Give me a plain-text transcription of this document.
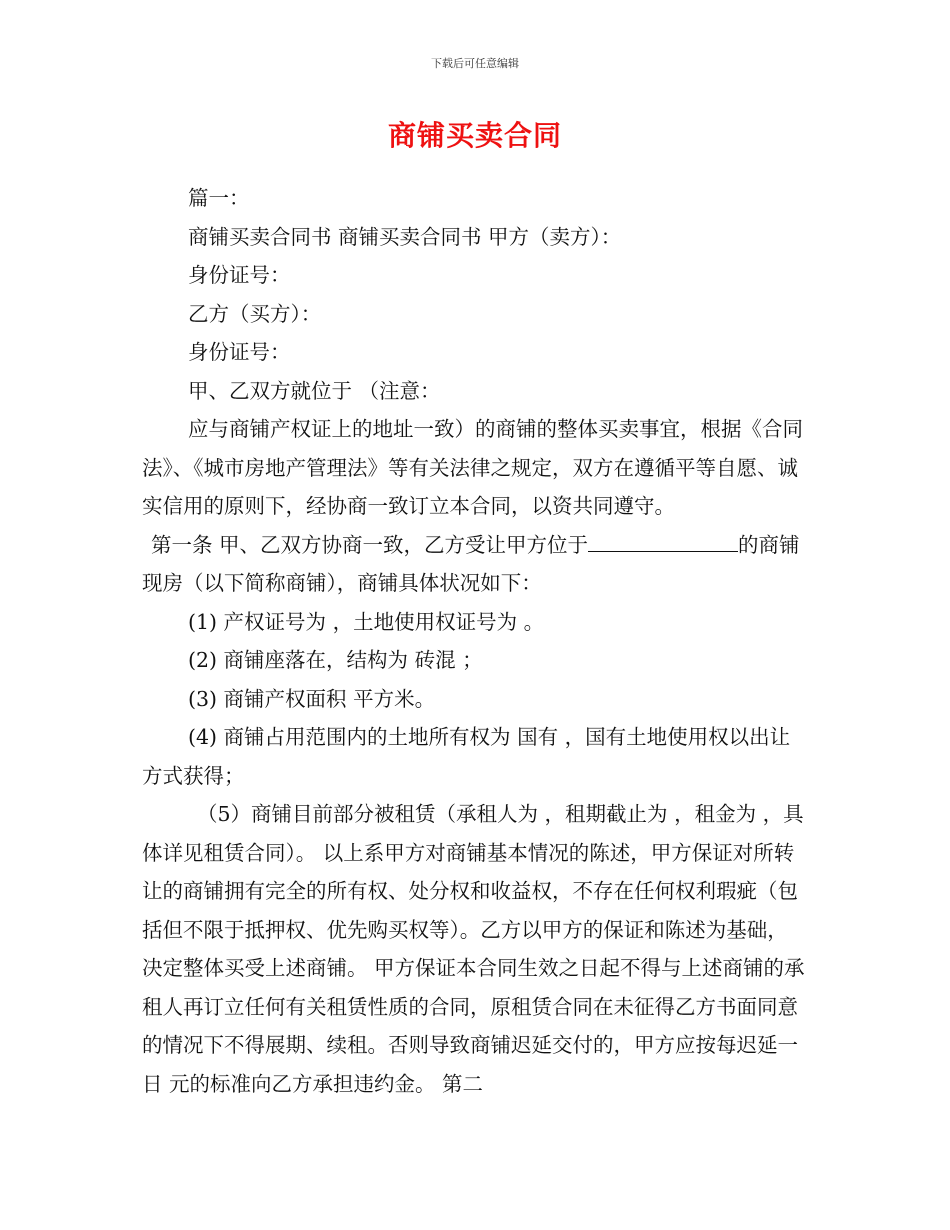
下载后可任意编辑
商铺买卖合同

篇一：

商铺买卖合同书 商铺买卖合同书 甲方（卖方）：

身份证号：

乙方（买方）：

身份证号：

甲、乙双方就位于 （注意：

应与商铺产权证上的地址一致）的商铺的整体买卖事宜，根据《合同法》、《城市房地产管理法》等有关法律之规定，双方在遵循平等自愿、诚实信用的原则下，经协商一致订立本合同，以资共同遵守。

第一条 甲、乙双方协商一致，乙方受让甲方位于	的商铺现房（以下简称商铺），商铺具体状况如下：

(1) 产权证号为 ，土地使用权证号为 。

(2) 商铺座落在，结构为 砖混 ；

(3) 商铺产权面积 平方米。

(4) 商铺占用范围内的土地所有权为 国有 ，国有土地使用权以出让 方式获得；

（5）商铺目前部分被租赁（承租人为 ，租期截止为 ，租金为 ，具体详见租赁合同）。 以上系甲方对商铺基本情况的陈述，甲方保证对所转让的商铺拥有完全的所有权、处分权和收益权，不存在任何权利瑕疵（包括但不限于抵押权、优先购买权等）。乙方以甲方的保证和陈述为基础，决定整体买受上述商铺。 甲方保证本合同生效之日起不得与上述商铺的承租人再订立任何有关租赁性质的合同，原租赁合同在未征得乙方书面同意的情况下不得展期、续租。否则导致商铺迟延交付的，甲方应按每迟延一日 元的标准向乙方承担违约金。 第二
